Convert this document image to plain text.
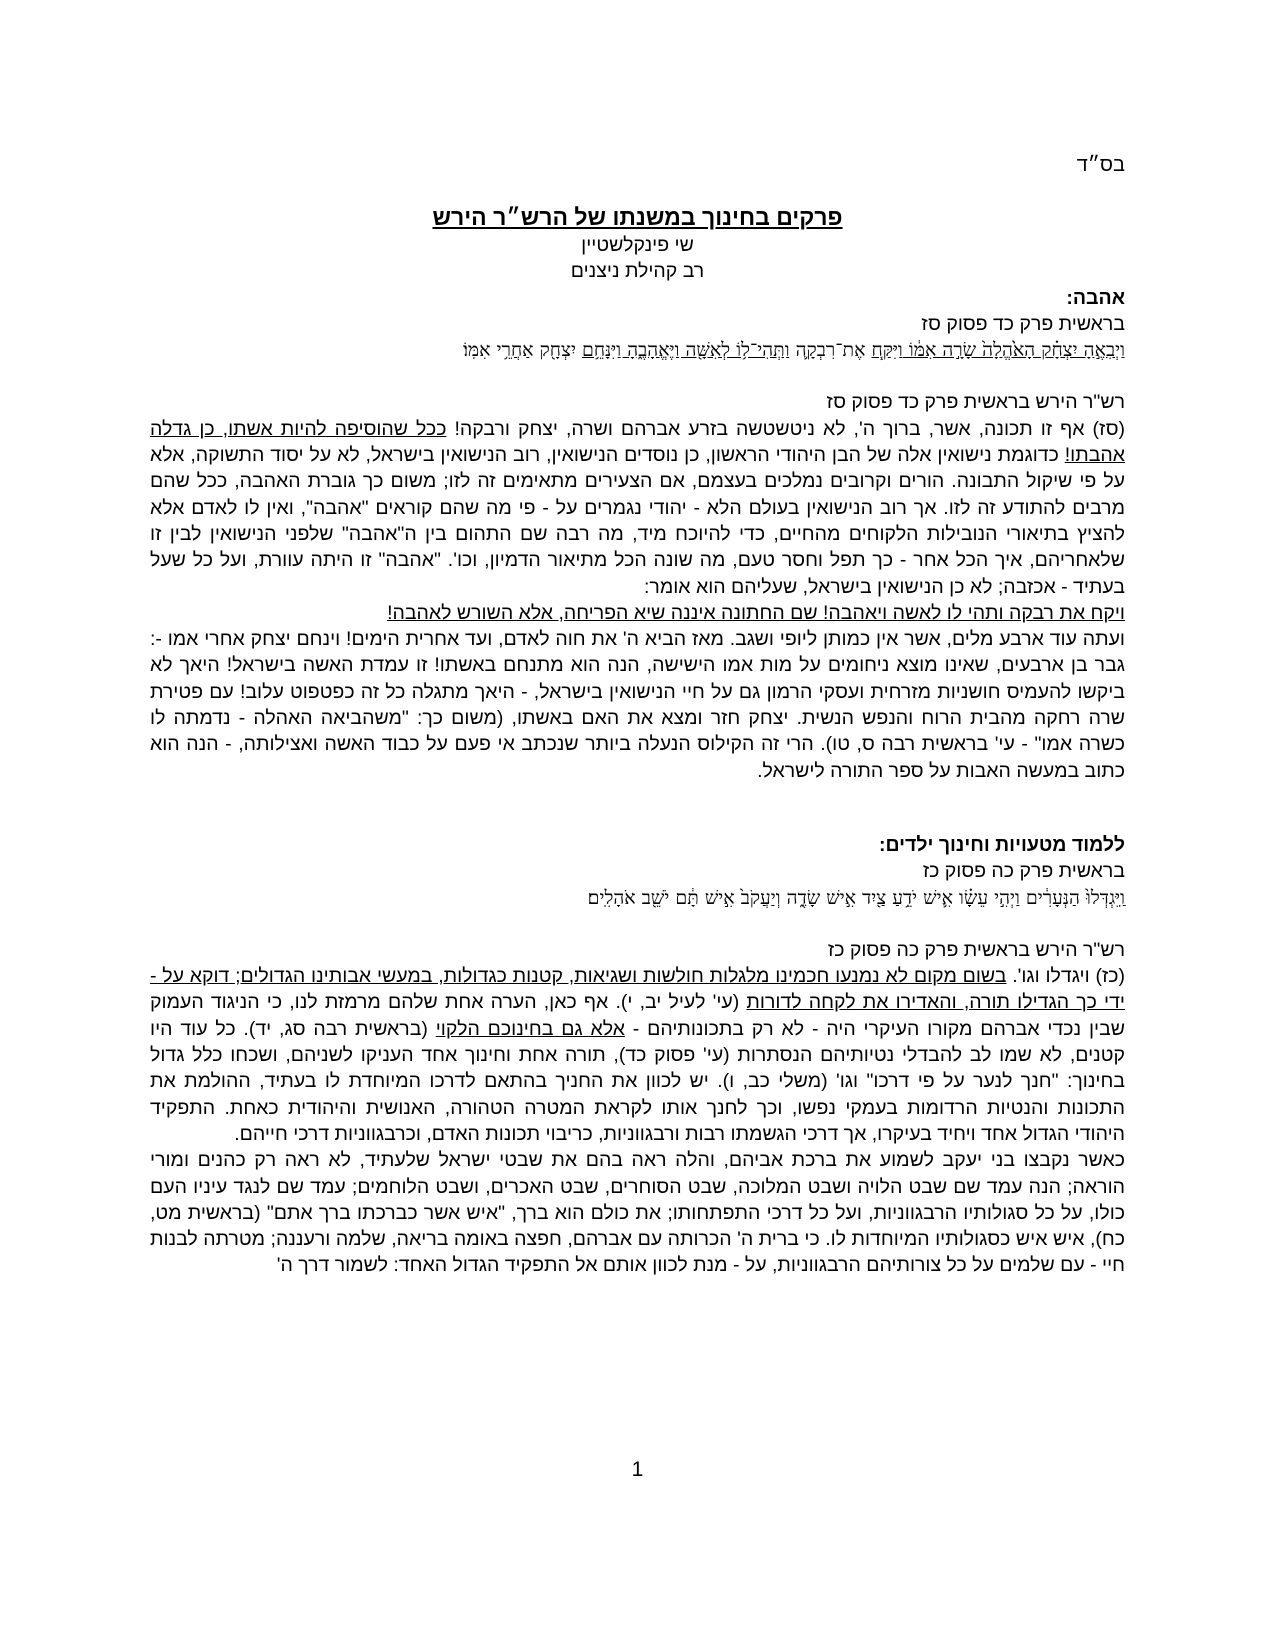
בס״ד

פרקים בחינוך במשנתו של הרש״ר הירש

שי פינקלשטיין

רב קהילת ניצנים

אהבה:

בראשית פרק כד פסוק סז

וַיְבִאֶ֣הָ יִצְחָ֗ק הָאֹ֙הֱלָה֙ שָׂרָ֣ה אִמּ֔וֹ וַיִּקַּ֧ח אֶת־רִבְקָ֛ה וַתְּהִי־ל֥וֹ לְאִשָּׁ֖ה וַיֶּאֱהָבֶ֑הָ וַיִּנָּחֵ֥ם יִצְחָ֖ק אַחֲרֵ֥י אִמּֽוֹ׃

רש"ר הירש בראשית פרק כד פסוק סז

(סז) אף זו תכונה, אשר, ברוך ה', לא ניטשטשה בזרע אברהם ושרה, יצחק ורבקה! ככל שהוסיפה להיות אשתו, כן גדלה אהבתו! כדוגמת נישואין אלה של הבן היהודי הראשון, כן נוסדים הנישואין, רוב הנישואין בישראל, לא על יסוד התשוקה, אלא על פי שיקול התבונה. הורים וקרובים נמלכים בעצמם, אם הצעירים מתאימים זה לזו; משום כך גוברת האהבה, ככל שהם מרבים להתודע זה לזו. אך רוב הנישואין בעולם הלא - יהודי נגמרים על - פי מה שהם קוראים "אהבה", ואין לו לאדם אלא להציץ בתיאורי הנובילות הלקוחים מהחיים, כדי להיוכח מיד, מה רבה שם התהום בין ה"אהבה" שלפני הנישואין לבין זו שלאחריהם, איך הכל אחר - כך תפל וחסר טעם, מה שונה הכל מתיאור הדמיון, וכו'. "אהבה" זו היתה עוורת, ועל כל שעל בעתיד - אכזבה; לא כן הנישואין בישראל, שעליהם הוא אומר:

ויקח את רבקה ותהי לו לאשה ויאהבה! שם החתונה איננה שיא הפריחה, אלא השורש לאהבה!

ועתה עוד ארבע מלים, אשר אין כמותן ליופי ושגב. מאז הביא ה' את חוה לאדם, ועד אחרית הימים! וינחם יצחק אחרי אמו -: גבר בן ארבעים, שאינו מוצא ניחומים על מות אמו הישישה, הנה הוא מתנחם באשתו! זו עמדת האשה בישראל! היאך לא ביקשו להעמיס חושניות מזרחית ועסקי הרמון גם על חיי הנישואין בישראל, - היאך מתגלה כל זה כפטפוט עלוב! עם פטירת שרה רחקה מהבית הרוח והנפש הנשית. יצחק חזר ומצא את האם באשתו, (משום כך: "משהביאה האהלה - נדמתה לו כשרה אמו" - עי' בראשית רבה ס, טו). הרי זה הקילוס הנעלה ביותר שנכתב אי פעם על כבוד האשה ואצילותה, - הנה הוא כתוב במעשה האבות על ספר התורה לישראל.

ללמוד מטעויות וחינוך ילדים:

בראשית פרק כה פסוק כז

וַֽיִּגְדְּלוּ֙ הַנְּעָרִ֔ים וַיְהִ֣י עֵשָׂ֗ו אִ֛ישׁ יֹדֵ֥עַ צַ֖יִד אִ֣ישׁ שָׂדֶ֑ה וְיַעֲקֹב֙ אִ֣ישׁ תָּ֔ם יֹשֵׁ֖ב אֹהָלִֽים׃

רש"ר הירש בראשית פרק כה פסוק כז

(כז) ויגדלו וגו'. בשום מקום לא נמנעו חכמינו מלגלות חולשות ושגיאות, קטנות כגדולות, במעשי אבותינו הגדולים; דוקא על - ידי כך הגדילו תורה, והאדירו את לקחה לדורות (עי' לעיל יב, י). אף כאן, הערה אחת שלהם מרמזת לנו, כי הניגוד העמוק שבין נכדי אברהם מקורו העיקרי היה - לא רק בתכונותיהם - אלא גם בחינוכם הלקוי (בראשית רבה סג, יד). כל עוד היו קטנים, לא שמו לב להבדלי נטיותיהם הנסתרות (עי' פסוק כד), תורה אחת וחינוך אחד העניקו לשניהם, ושכחו כלל גדול בחינוך: "חנך לנער על פי דרכו" וגו' (משלי כב, ו). יש לכוון את החניך בהתאם לדרכו המיוחדת לו בעתיד, ההולמת את התכונות והנטיות הרדומות בעמקי נפשו, וכך לחנך אותו לקראת המטרה הטהורה, האנושית והיהודית כאחת. התפקיד היהודי הגדול אחד ויחיד בעיקרו, אך דרכי הגשמתו רבות ורבגווניות, כריבוי תכונות האדם, וכרבגווניות דרכי חייהם.

כאשר נקבצו בני יעקב לשמוע את ברכת אביהם, והלה ראה בהם את שבטי ישראל שלעתיד, לא ראה רק כהנים ומורי הוראה; הנה עמד שם שבט הלויה ושבט המלוכה, שבט הסוחרים, שבט האכרים, ושבט הלוחמים; עמד שם לנגד עיניו העם כולו, על כל סגולותיו הרבגווניות, ועל כל דרכי התפתחותו; את כולם הוא ברך, "איש אשר כברכתו ברך אתם" (בראשית מט, כח), איש איש כסגולותיו המיוחדות לו. כי ברית ה' הכרותה עם אברהם, חפצה באומה בריאה, שלמה ורעננה; מטרתה לבנות חיי - עם שלמים על כל צורותיהם הרבגווניות, על - מנת לכוון אותם אל התפקיד הגדול האחד: לשמור דרך ה'

1
